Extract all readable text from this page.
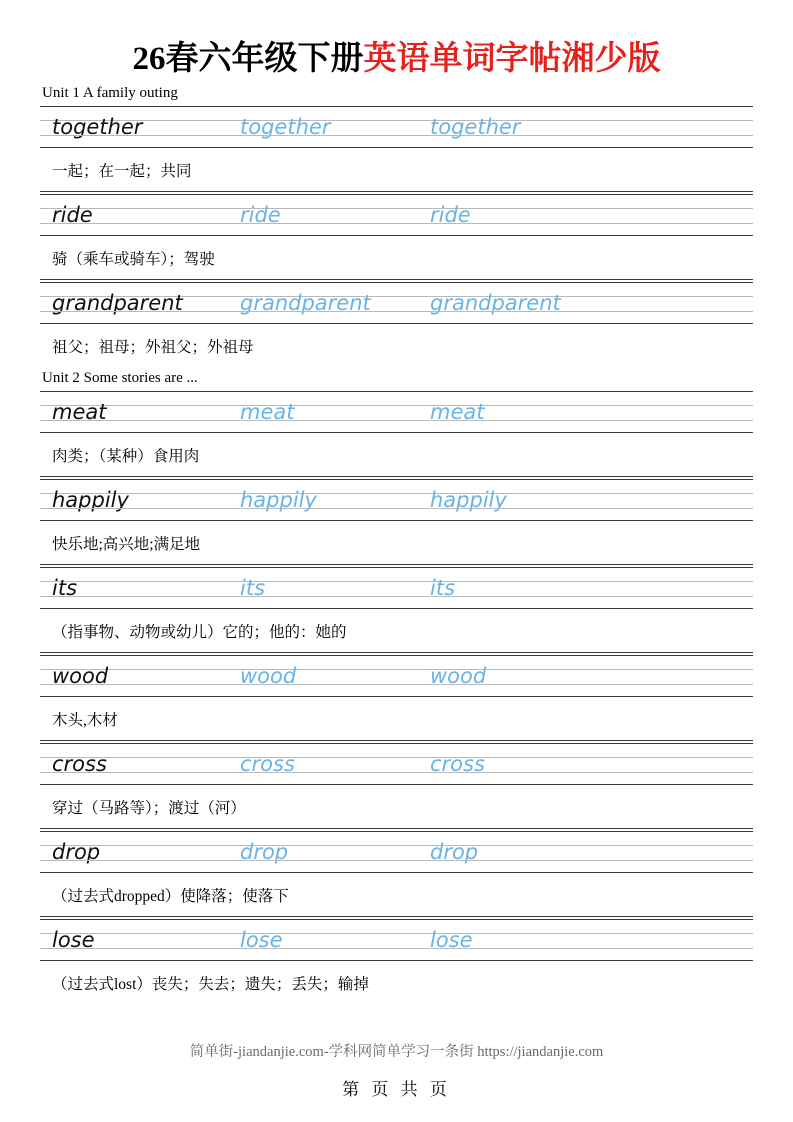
26春六年级下册英语单词字帖湘少版
Unit 1 A family outing
together	together	together
一起；在一起；共同
ride	ride	ride
骑（乘车或骑车）；驾驶
grandparent	grandparent	grandparent
祖父；祖母；外祖父；外祖母
Unit 2 Some stories are ...
meat	meat	meat
肉类；（某种）食用肉
happily	happily	happily
快乐地;高兴地;满足地
its	its	its
（指事物、动物或幼儿）它的；他的：她的
wood	wood	wood
木头,木材
cross	cross	cross
穿过（马路等）；渡过（河）
drop	drop	drop
（过去式dropped）使降落；使落下
lose	lose	lose
（过去式lost）丧失；失去；遗失；丢失；输掉
简单街-jiandanjie.com-学科网简单学习一条街 https://jiandanjie.com
第 页 共 页
